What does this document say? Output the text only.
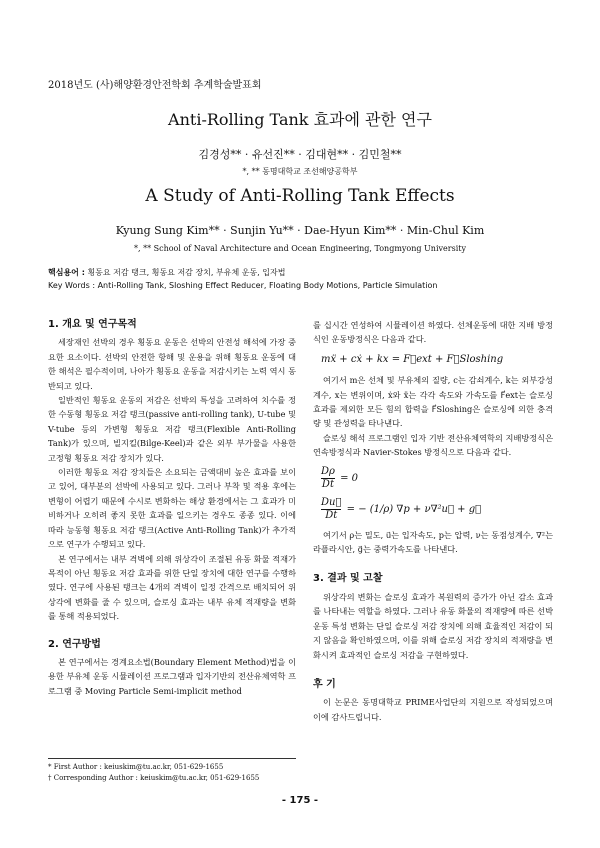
2018년도 (사)해양환경안전학회 추계학술발표회
Anti-Rolling Tank 효과에 관한 연구
김경성** · 유선진** · 김대현** · 김민철**
*, ** 동명대학교 조선해양공학부
A Study of Anti-Rolling Tank Effects
Kyung Sung Kim** · Sunjin Yu** · Dae-Hyun Kim** · Min-Chul Kim
*, ** School of Naval Architecture and Ocean Engineering, Tongmyong University
핵심용어 : 횡동요 저감 탱크, 횡동요 저감 장치, 부유체 운동, 입자법
Key Words : Anti-Rolling Tank, Sloshing Effect Reducer, Floating Body Motions, Particle Simulation
1. 개요 및 연구목적

세장재인 선박의 경우 횡동요 운동은 선박의 안전성 해석에 가장 중요한 요소이다. 선박의 안전한 항해 및 운용을 위해 횡동요 운동에 대한 해석은 필수적이며, 나아가 횡동요 운동을 저감시키는 노력 역시 동반되고 있다.

일반적인 횡동요 운동의 저감은 선박의 특성을 고려하여 치수를 정한 수동형 횡동요 저감 탱크(passive anti-rolling tank), U-tube 및 V-tube 등의 가변형 횡동요 저감 탱크(Flexible Anti-Rolling Tank)가 있으며, 빌지킬(Bilge-Keel)과 같은 외부 부가물을 사용한 고정형 횡동요 저감 장치가 있다.

이러한 횡동요 저감 장치들은 소요되는 금액대비 높은 효과를 보이고 있어, 대부분의 선박에 사용되고 있다. 그러나 부착 및 적용 후에는 변형이 어렵기 때문에 수시로 변화하는 해상 환경에서는 그 효과가 미비하거나 오히려 좋지 못한 효과를 일으키는 경우도 종종 있다. 이에 따라 능동형 횡동요 저감 탱크(Active Anti-Rolling Tank)가 추가적으로 연구가 수행되고 있다.

본 연구에서는 내부 격벽에 의해 위상각이 조절된 유동 화물 적재가 목적이 아닌 횡동요 저감 효과를 위한 단일 장치에 대한 연구를 수행하였다. 연구에 사용된 탱크는 4개의 격벽이 일정 간격으로 배치되어 위상각에 변화를 줄 수 있으며, 슬로싱 효과는 내부 유체 적재량을 변화를 통해 적용되었다.

2. 연구방법

본 연구에서는 경계요소법(Boundary Element Method)법을 이용한 부유체 운동 시뮬레이션 프로그램과 입자기반의 전산유체역학 프로그램 중 Moving Particle Semi-implicit method

* First Author : keiuskim@tu.ac.kr, 051-629-1655
† Corresponding Author : keiuskim@tu.ac.kr, 051-629-1655

를 십시간 연성하여 시뮬레이션 하였다. 선체운동에 대한 지배 방정식인 운동방정식은 다음과 같다.

mẍ + cẋ + kx = F⃗ext + F⃗Sloshing

여기서 m은 선체 및 부유체의 질량, c는 감쇠계수, k는 외부강성계수, x는 변위이며, ẋ와 ẍ는 각각 속도와 가속도를 F⃗ext는 슬로싱 효과를 제외한 모든 힘의 합력을 F⃗Sloshing은 슬로싱에 의한 충격량 및 관성력을 타나낸다.

슬로싱 해석 프로그램인 입자 기반 전산유체역학의 지배방정식은 연속방정식과 Navier-Stokes 방정식으로 다음과 같다.

$\frac{D\rho}{Dt} = 0$
$\frac{Du⃗}{Dt}$ = − (1/ρ) ∇p + ν∇²u⃗ + g⃗

여기서 ρ는 밀도, u⃗는 입자속도, p는 압력, ν는 동점성계수, ∇²는 라플라시안, g⃗는 중력가속도를 나타낸다.

3. 결과 및 고찰

위상각의 변화는 슬로싱 효과가 복원력의 증가가 아닌 감소 효과를 나타내는 역할을 하였다. 그러나 유동 화물의 적재량에 따른 선박 운동 특성 변화는 단일 슬로싱 저감 장치에 의해 효율적인 저감이 되지 않음을 확인하였으며, 이를 위해 슬로싱 저감 장치의 적재량을 변화시켜 효과적인 슬로싱 저감을 구현하였다.

후 기

이 논문은 동명대학교 PRIME사업단의 지원으로 작성되었으며 이에 감사드립니다.

- 175 -
